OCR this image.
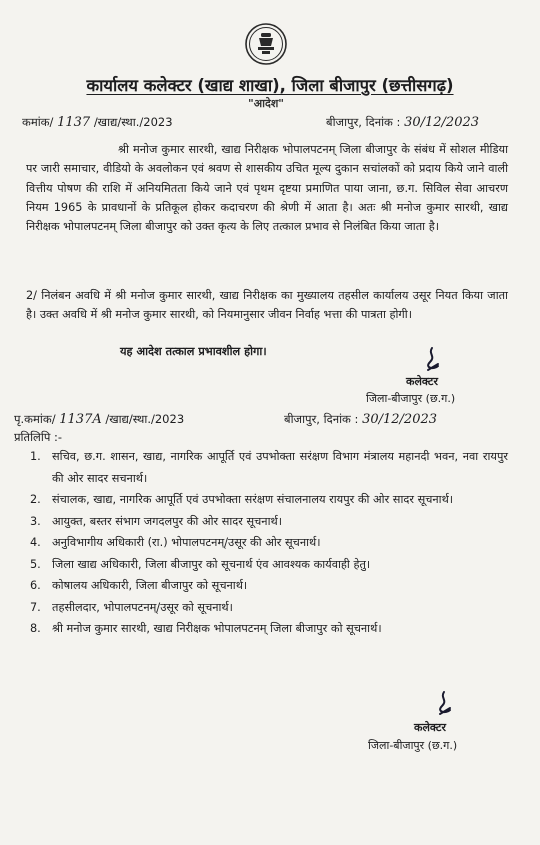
कार्यालय कलेक्टर (खाद्य शाखा), जिला बीजापुर (छत्तीसगढ़)
"आदेश"
कमांक/ 1137 /खाद्य/स्था./2023	बीजापुर, दिनांक : 30/12/2023

श्री मनोज कुमार सारथी, खाद्य निरीक्षक भोपालपटनम् जिला बीजापुर के संबंध में सोशल मीडिया पर जारी समाचार, वीडियो के अवलोकन एवं श्रवण से शासकीय उचित मूल्य दुकान सचांलकों को प्रदाय किये जाने वाली वित्तीय पोषण की राशि में अनियमितता किये जाने एवं पृथम दृष्टया प्रमाणित पाया जाना, छ.ग. सिविल सेवा आचरण नियम 1965 के प्रावधानों के प्रतिकूल होकर कदाचरण की श्रेणी में आता है। अतः श्री मनोज कुमार सारथी, खाद्य निरीक्षक भोपालपटनम् जिला बीजापुर को उक्त कृत्य के लिए तत्काल प्रभाव से निलंबित किया जाता है।

2/ निलंबन अवधि में श्री मनोज कुमार सारथी, खाद्य निरीक्षक का मुख्यालय तहसील कार्यालय उसूर नियत किया जाता है। उक्त अवधि में श्री मनोज कुमार सारथी, को नियमानुसार जीवन निर्वाह भत्ता की पात्रता होगी।

यह आदेश तत्काल प्रभावशील होगा।
कलेक्टर
जिला-बीजापुर (छ.ग.)
पृ.कमांक/ 1137A /खाद्य/स्था./2023	बीजापुर, दिनांक : 30/12/2023
प्रतिलिपि :-
1. सचिव, छ.ग. शासन, खाद्य, नागरिक आपूर्ति एवं उपभोक्ता सरंक्षण विभाग मंत्रालय महानदी भवन, नवा रायपुर की ओर सादर सचनार्थ।
2. संचालक, खाद्य, नागरिक आपूर्ति एवं उपभोक्ता सरंक्षण संचालनालय रायपुर की ओर सादर सूचनार्थ।
3. आयुक्त, बस्तर संभाग जगदलपुर की ओर सादर सूचनार्थ।
4. अनुविभागीय अधिकारी (रा.) भोपालपटनम्/उसूर की ओर सूचनार्थ।
5. जिला खाद्य अधिकारी, जिला बीजापुर को सूचनार्थ एंव आवश्यक कार्यवाही हेतु।
6. कोषालय अधिकारी, जिला बीजापुर को सूचनार्थ।
7. तहसीलदार, भोपालपटनम्/उसूर को सूचनार्थ।
8. श्री मनोज कुमार सारथी, खाद्य निरीक्षक भोपालपटनम् जिला बीजापुर को सूचनार्थ।
कलेक्टर
जिला-बीजापुर (छ.ग.)
